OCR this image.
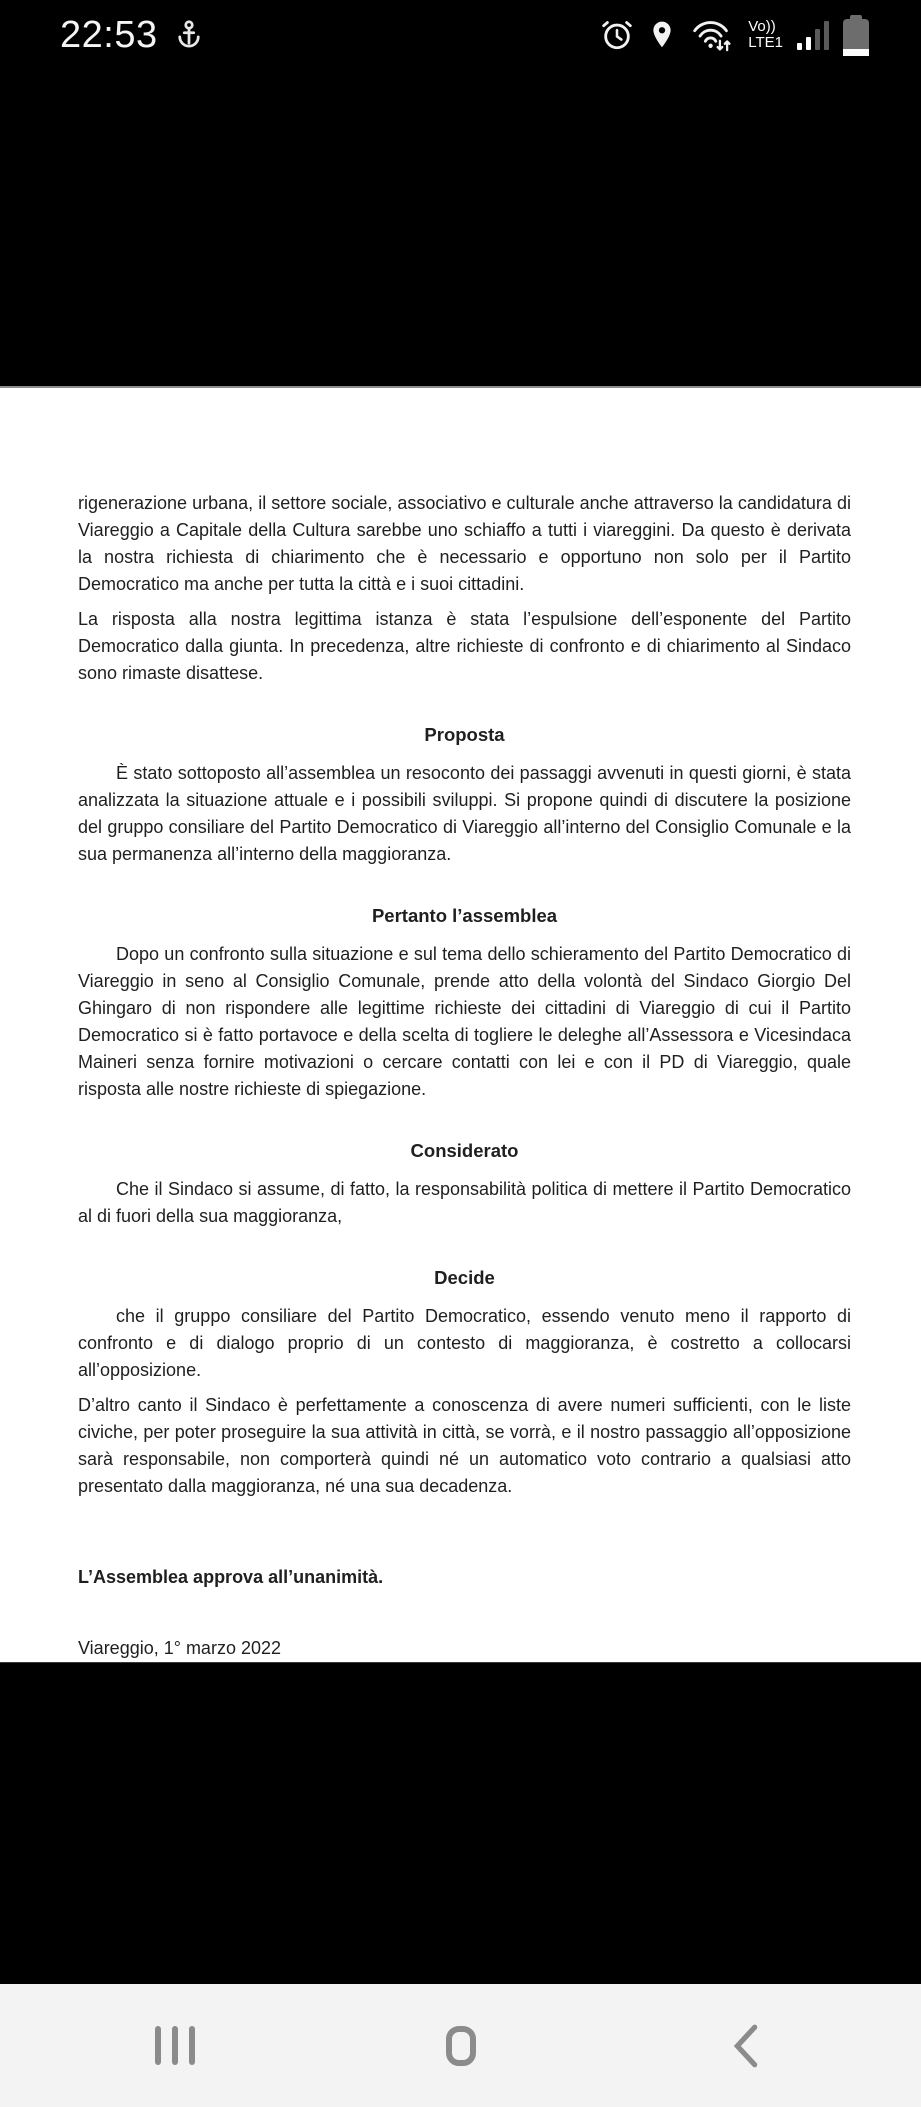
22:53	Vo))
LTE1

rigenerazione urbana, il settore sociale, associativo e culturale anche attraverso la candidatura di Viareggio a Capitale della Cultura sarebbe uno schiaffo a tutti i viareggini. Da questo è derivata la nostra richiesta di chiarimento che è necessario e opportuno non solo per il Partito Democratico ma anche per tutta la città e i suoi cittadini.

La risposta alla nostra legittima istanza è stata l’espulsione dell’esponente del Partito Democratico dalla giunta. In precedenza, altre richieste di confronto e di chiarimento al Sindaco sono rimaste disattese.

Proposta

È stato sottoposto all’assemblea un resoconto dei passaggi avvenuti in questi giorni, è stata analizzata la situazione attuale e i possibili sviluppi. Si propone quindi di discutere la posizione del gruppo consiliare del Partito Democratico di Viareggio all’interno del Consiglio Comunale e la sua permanenza all’interno della maggioranza.

Pertanto l’assemblea

Dopo un confronto sulla situazione e sul tema dello schieramento del Partito Democratico di Viareggio in seno al Consiglio Comunale, prende atto della volontà del Sindaco Giorgio Del Ghingaro di non rispondere alle legittime richieste dei cittadini di Viareggio di cui il Partito Democratico si è fatto portavoce e della scelta di togliere le deleghe all’Assessora e Vicesindaca Maineri senza fornire motivazioni o cercare contatti con lei e con il PD di Viareggio, quale risposta alle nostre richieste di spiegazione.

Considerato

Che il Sindaco si assume, di fatto, la responsabilità politica di mettere il Partito Democratico al di fuori della sua maggioranza,

Decide

che il gruppo consiliare del Partito Democratico, essendo venuto meno il rapporto di confronto e di dialogo proprio di un contesto di maggioranza, è costretto a collocarsi all’opposizione.

D’altro canto il Sindaco è perfettamente a conoscenza di avere numeri sufficienti, con le liste civiche, per poter proseguire la sua attività in città, se vorrà, e il nostro passaggio all’opposizione sarà responsabile, non comporterà quindi né un automatico voto contrario a qualsiasi atto presentato dalla maggioranza, né una sua decadenza.

L’Assemblea approva all’unanimità.

Viareggio, 1° marzo 2022
